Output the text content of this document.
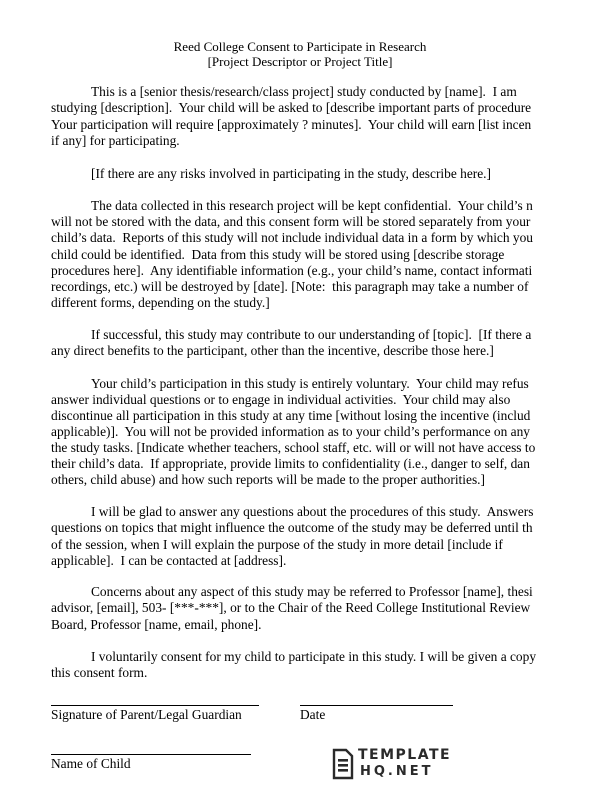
Reed College Consent to Participate in Research
[Project Descriptor or Project Title]
This is a [senior thesis/research/class project] study conducted by [name].  I am
studying [description].  Your child will be asked to [describe important parts of procedure
Your participation will require [approximately ? minutes].  Your child will earn [list incen
if any] for participating.
[If there are any risks involved in participating in the study, describe here.]
The data collected in this research project will be kept confidential.  Your child’s n
will not be stored with the data, and this consent form will be stored separately from your
child’s data.  Reports of this study will not include individual data in a form by which you
child could be identified.  Data from this study will be stored using [describe storage
procedures here].  Any identifiable information (e.g., your child’s name, contact informati
recordings, etc.) will be destroyed by [date]. [Note:  this paragraph may take a number of
different forms, depending on the study.]
If successful, this study may contribute to our understanding of [topic].  [If there a
any direct benefits to the participant, other than the incentive, describe those here.]
Your child’s participation in this study is entirely voluntary.  Your child may refus
answer individual questions or to engage in individual activities.  Your child may also
discontinue all participation in this study at any time [without losing the incentive (includ
applicable)].  You will not be provided information as to your child’s performance on any
the study tasks. [Indicate whether teachers, school staff, etc. will or will not have access to
their child’s data.  If appropriate, provide limits to confidentiality (i.e., danger to self, dan
others, child abuse) and how such reports will be made to the proper authorities.]
I will be glad to answer any questions about the procedures of this study.  Answers
questions on topics that might influence the outcome of the study may be deferred until th
of the session, when I will explain the purpose of the study in more detail [include if
applicable].  I can be contacted at [address].
Concerns about any aspect of this study may be referred to Professor [name], thesi
advisor, [email], 503- [***-***], or to the Chair of the Reed College Institutional Review
Board, Professor [name, email, phone].
I voluntarily consent for my child to participate in this study. I will be given a copy
this consent form.
Signature of Parent/Legal Guardian	Date
Name of Child
TEMPLATE
HQ.NET
